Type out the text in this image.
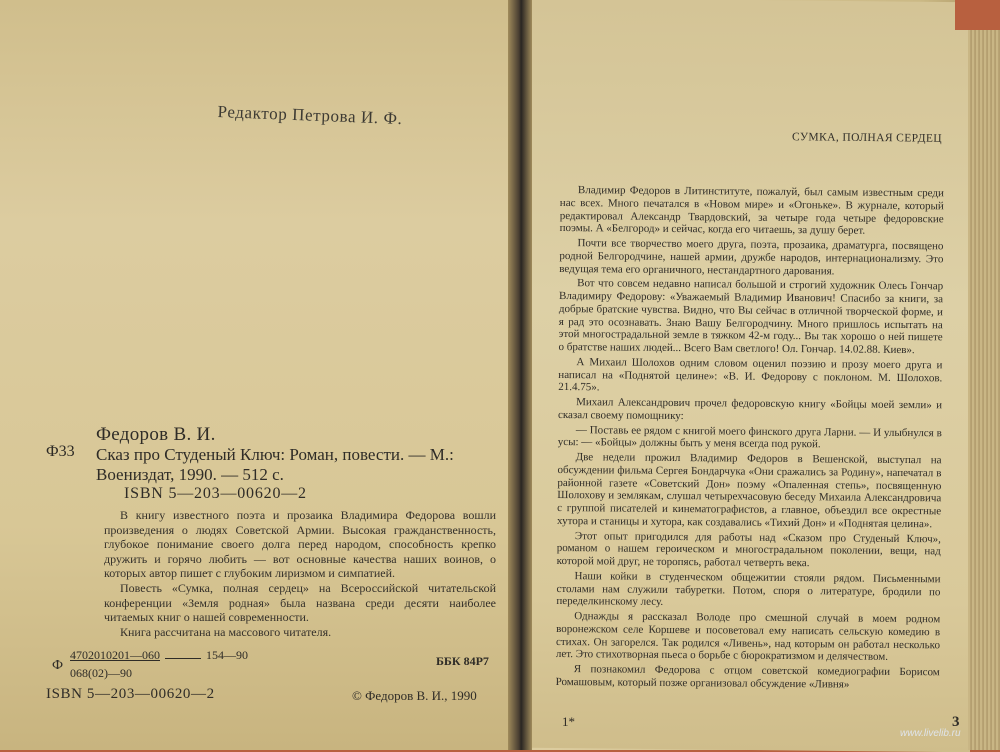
Редактор Петрова И. Ф.
Ф33
Федоров В. И.
Сказ про Студеный Ключ: Роман, повести. — М.:
Воениздат, 1990. — 512 с.
ISBN 5—203—00620—2

В книгу известного поэта и прозаика Владимира Федорова вошли произведения о людях Советской Армии. Высокая гражданственность, глубокое понимание своего долга перед народом, способность крепко дружить и горячо любить — вот основные качества наших воинов, о которых автор пишет с глубоким лиризмом и симпатией.

Повесть «Сумка, полная сердец» на Всероссийской читательской конференции «Земля родная» была названа среди десяти наиболее читаемых книг о нашей современности.

Книга рассчитана на массового читателя.

Ф
4702010201—060	154—90
068(02)—90
ББК 84Р7
ISBN 5—203—00620—2	© Федоров В. И., 1990
СУМКА, ПОЛНАЯ СЕРДЕЦ

Владимир Федоров в Литинституте, пожалуй, был самым известным среди нас всех. Много печатался в «Новом мире» и «Огоньке». В журнале, который редактировал Александр Твардовский, за четыре года четыре федоровские поэмы. А «Белгород» и сейчас, когда его читаешь, за душу берет.

Почти все творчество моего друга, поэта, прозаика, драматурга, посвящено родной Белгородчине, нашей армии, дружбе народов, интернационализму. Это ведущая тема его органичного, нестандартного дарования.

Вот что совсем недавно написал большой и строгий художник Олесь Гончар Владимиру Федорову: «Уважаемый Владимир Иванович! Спасибо за книги, за добрые братские чувства. Видно, что Вы сейчас в отличной творческой форме, и я рад это осознавать. Знаю Вашу Белгородчину. Много пришлось испытать на этой многострадальной земле в тяжком 42-м году... Вы так хорошо о ней пишете о братстве наших людей... Всего Вам светлого! Ол. Гончар. 14.02.88. Киев».

А Михаил Шолохов одним словом оценил поэзию и прозу моего друга и написал на «Поднятой целине»: «В. И. Федорову с поклоном. М. Шолохов. 21.4.75».

Михаил Александрович прочел федоровскую книгу «Бойцы моей земли» и сказал своему помощнику:

— Поставь ее рядом с книгой моего финского друга Ларни. — И улыбнулся в усы: — «Бойцы» должны быть у меня всегда под рукой.

Две недели прожил Владимир Федоров в Вешенской, выступал на обсуждении фильма Сергея Бондарчука «Они сражались за Родину», напечатал в районной газете «Советский Дон» поэму «Опаленная степь», посвященную Шолохову и землякам, слушал четырехчасовую беседу Михаила Александровича с группой писателей и кинематографистов, а главное, объездил все окрестные хутора и станицы и хутора, как создавались «Тихий Дон» и «Поднятая целина».

Этот опыт пригодился для работы над «Сказом про Студеный Ключ», романом о нашем героическом и многострадальном поколении, вещи, над которой мой друг, не торопясь, работал четверть века.

Наши койки в студенческом общежитии стояли рядом. Письменными столами нам служили табуретки. Потом, споря о литературе, бродили по переделкинскому лесу.

Однажды я рассказал Володе про смешной случай в моем родном воронежском селе Коршеве и посоветовал ему написать сельскую комедию в стихах. Он загорелся. Так родился «Ливень», над которым он работал несколько лет. Это стихотворная пьеса о борьбе с бюрократизмом и делячеством.

Я познакомил Федорова с отцом советской комедиографии Борисом Ромашовым, который позже организовал обсуждение «Ливня»

1*	3
www.livelib.ru
